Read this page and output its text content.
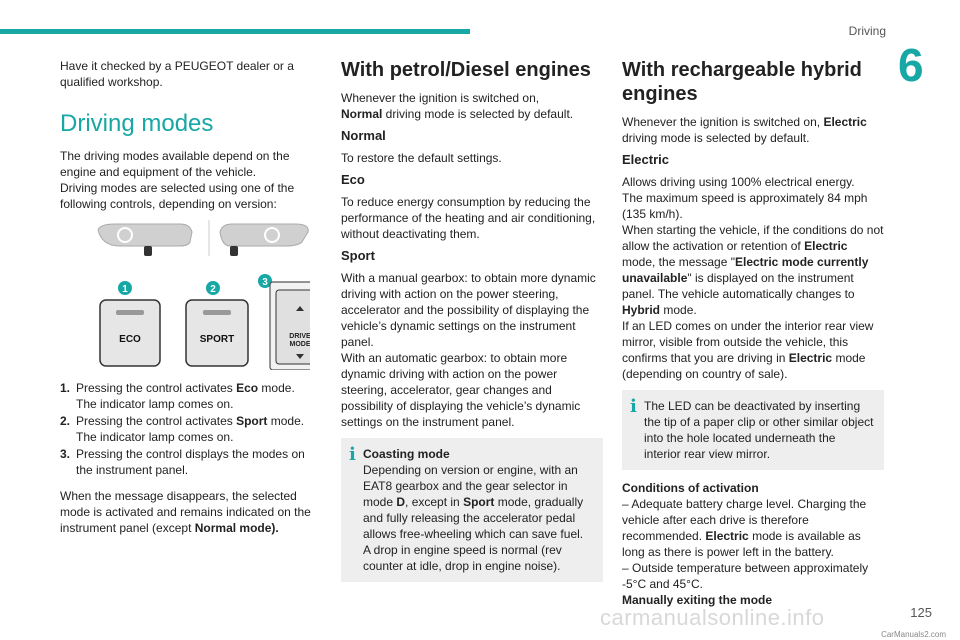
Driving
6

Have it checked by a PEUGEOT dealer or a qualified workshop.

Driving modes

The driving modes available depend on the engine and equipment of the vehicle.

Driving modes are selected using one of the following controls, depending on version:

1	2
3
ECO	SPORT	DRIVE
MODE
1. Pressing the control activates Eco mode. The indicator lamp comes on.
2. Pressing the control activates Sport mode. The indicator lamp comes on.
3. Pressing the control displays the modes on the instrument panel.

When the message disappears, the selected mode is activated and remains indicated on the instrument panel (except Normal mode).

With petrol/Diesel engines

Whenever the ignition is switched on,
Normal driving mode is selected by default.

Normal

To restore the default settings.

Eco

To reduce energy consumption by reducing the performance of the heating and air conditioning, without deactivating them.

Sport

With a manual gearbox: to obtain more dynamic driving with action on the power steering, accelerator and the possibility of displaying the vehicle’s dynamic settings on the instrument panel.

With an automatic gearbox: to obtain more dynamic driving with action on the power steering, accelerator, gear changes and possibility of displaying the vehicle’s dynamic settings on the instrument panel.

i Coasting mode
Depending on version or engine, with an EAT8 gearbox and the gear selector in mode D, except in Sport mode, gradually and fully releasing the accelerator pedal allows free-wheeling which can save fuel.
A drop in engine speed is normal (rev counter at idle, drop in engine noise).
With rechargeable hybrid engines

Whenever the ignition is switched on, Electric driving mode is selected by default.

Electric

Allows driving using 100% electrical energy.
The maximum speed is approximately 84 mph (135 km/h).
When starting the vehicle, if the conditions do not allow the activation or retention of Electric mode, the message "Electric mode currently unavailable" is displayed on the instrument panel. The vehicle automatically changes to Hybrid mode.

If an LED comes on under the interior rear view mirror, visible from outside the vehicle, this confirms that you are driving in Electric mode (depending on country of sale).

i The LED can be deactivated by inserting the tip of a paper clip or other similar object into the hole located underneath the interior rear view mirror.
Conditions of activation
– Adequate battery charge level. Charging the vehicle after each drive is therefore recommended. Electric mode is available as long as there is power left in the battery.
– Outside temperature between approximately -5°C and 45°C.
Manually exiting the mode
carmanualsonline.info	125
CarManuals2.com
